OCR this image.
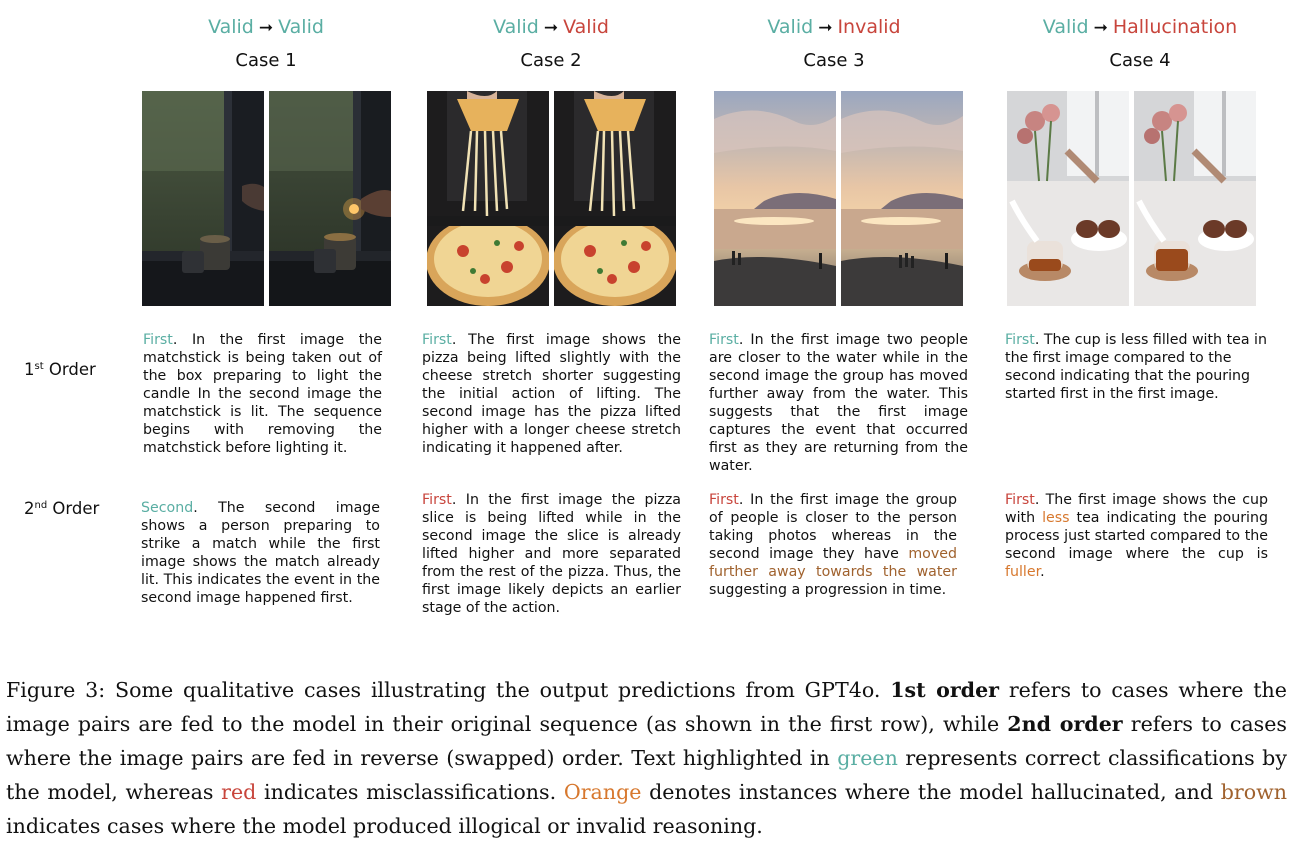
Valid ➞ Valid
Case 1
Valid ➞ Valid
Case 2
Valid ➞ Invalid
Case 3
Valid ➞ Hallucination
Case 4
1st Order
2nd Order
First. In the first image the matchstick is being taken out of the box preparing to light the candle In the second image the matchstick is lit. The sequence begins with removing the matchstick before lighting it.
First. The first image shows the pizza being lifted slightly with the cheese stretch shorter suggesting the initial action of lifting. The second image has the pizza lifted higher with a longer cheese stretch indicating it happened after.
First. In the first image two people are closer to the water while in the second image the group has moved further away from the water. This suggests that the first image captures the event that occurred first as they are returning from the water.
First. The cup is less filled with tea in the first image compared to the second indicating that the pouring started first in the first image.
Second. The second image shows a person preparing to strike a match while the first image shows the match already lit. This indicates the event in the second image happened first.
First. In the first image the pizza slice is being lifted while in the second image the slice is already lifted higher and more separated from the rest of the pizza. Thus, the first image likely depicts an earlier stage of the action.
First. In the first image the group of people is closer to the person taking photos whereas in the second image they have moved further away towards the water suggesting a progression in time.
First. The first image shows the cup with less tea indicating the pouring process just started compared to the second image where the cup is fuller.
Figure 3: Some qualitative cases illustrating the output predictions from GPT4o. 1st order refers to cases where the image pairs are fed to the model in their original sequence (as shown in the first row), while 2nd order refers to cases where the image pairs are fed in reverse (swapped) order. Text highlighted in green represents correct classifications by the model, whereas red indicates misclassifications. Orange denotes instances where the model hallucinated, and brown indicates cases where the model produced illogical or invalid reasoning.
